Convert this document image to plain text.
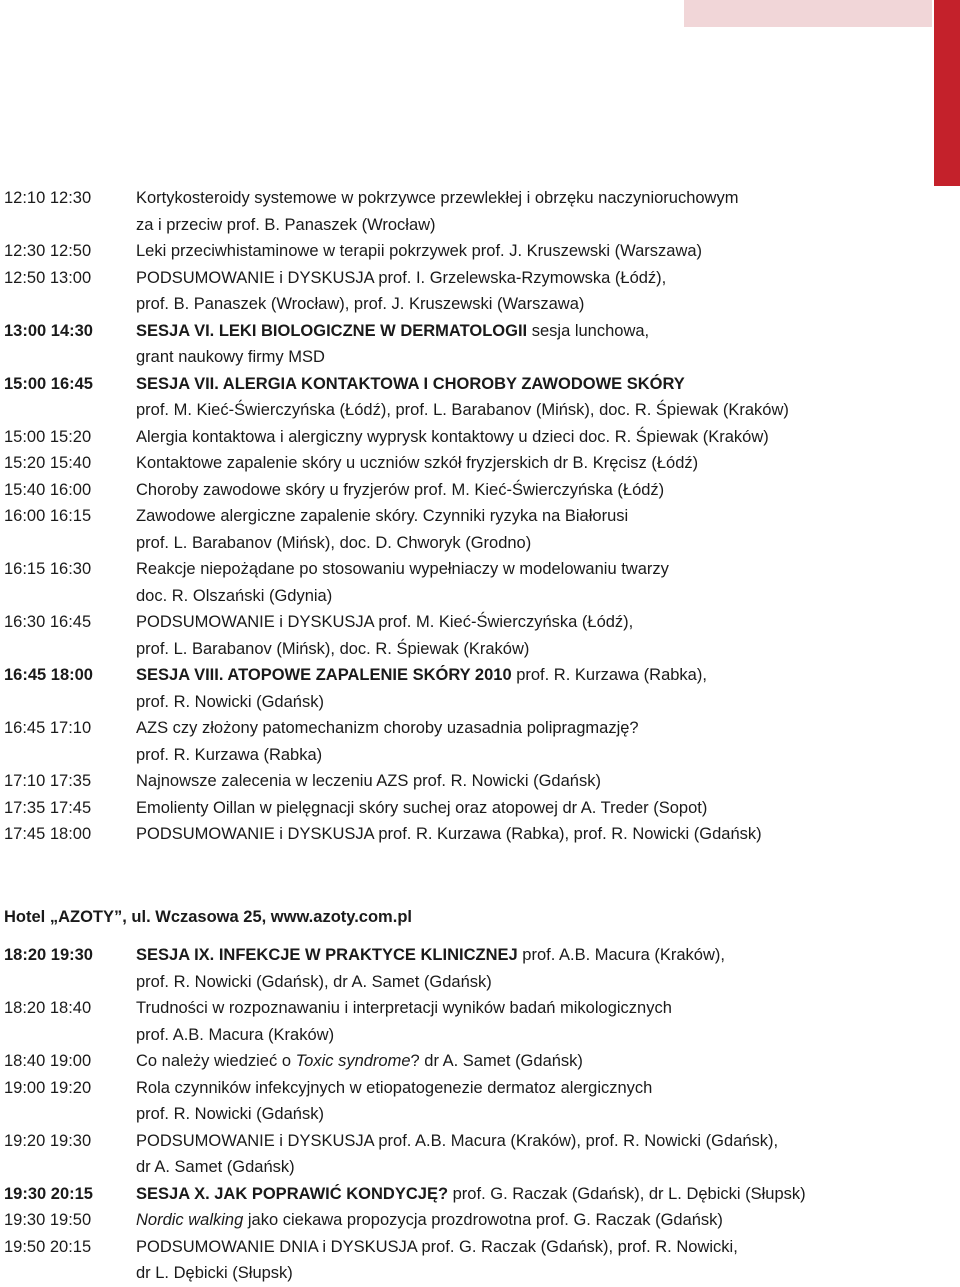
12:10 12:30	Kortykosteroidy systemowe w pokrzywce przewlekłej i obrzęku naczynioruchowym
za i przeciw prof. B. Panaszek (Wrocław)
12:30 12:50	Leki przeciwhistaminowe w terapii pokrzywek prof. J. Kruszewski (Warszawa)
12:50 13:00	PODSUMOWANIE i DYSKUSJA prof. I. Grzelewska-Rzymowska (Łódź),
prof. B. Panaszek (Wrocław), prof. J. Kruszewski (Warszawa)
13:00 14:30	SESJA VI. LEKI BIOLOGICZNE W DERMATOLOGII sesja lunchowa,
grant naukowy firmy MSD
15:00 16:45	SESJA VII. ALERGIA KONTAKTOWA I CHOROBY ZAWODOWE SKÓRY
prof. M. Kieć-Świerczyńska (Łódź), prof. L. Barabanov (Mińsk), doc. R. Śpiewak (Kraków)
15:00 15:20	Alergia kontaktowa i alergiczny wyprysk kontaktowy u dzieci doc. R. Śpiewak (Kraków)
15:20 15:40	Kontaktowe zapalenie skóry u uczniów szkół fryzjerskich dr B. Kręcisz (Łódź)
15:40 16:00	Choroby zawodowe skóry u fryzjerów prof. M. Kieć-Świerczyńska (Łódź)
16:00 16:15	Zawodowe alergiczne zapalenie skóry. Czynniki ryzyka na Białorusi
prof. L. Barabanov (Mińsk), doc. D. Chworyk (Grodno)
16:15 16:30	Reakcje niepożądane po stosowaniu wypełniaczy w modelowaniu twarzy
doc. R. Olszański (Gdynia)
16:30 16:45	PODSUMOWANIE i DYSKUSJA prof. M. Kieć-Świerczyńska (Łódź),
prof. L. Barabanov (Mińsk), doc. R. Śpiewak (Kraków)
16:45 18:00	SESJA VIII. ATOPOWE ZAPALENIE SKÓRY 2010 prof. R. Kurzawa (Rabka),
prof. R. Nowicki (Gdańsk)
16:45 17:10	AZS czy złożony patomechanizm choroby uzasadnia polipragmazję?
prof. R. Kurzawa (Rabka)
17:10 17:35	Najnowsze zalecenia w leczeniu AZS prof. R. Nowicki (Gdańsk)
17:35 17:45	Emolienty Oillan w pielęgnacji skóry suchej oraz atopowej dr A. Treder (Sopot)
17:45 18:00	PODSUMOWANIE i DYSKUSJA prof. R. Kurzawa (Rabka), prof. R. Nowicki (Gdańsk)
Hotel „AZOTY”, ul. Wczasowa 25, www.azoty.com.pl
18:20 19:30	SESJA IX. INFEKCJE W PRAKTYCE KLINICZNEJ prof. A.B. Macura (Kraków),
prof. R. Nowicki (Gdańsk), dr A. Samet (Gdańsk)
18:20 18:40	Trudności w rozpoznawaniu i interpretacji wyników badań mikologicznych
prof. A.B. Macura (Kraków)
18:40 19:00	Co należy wiedzieć o Toxic syndrome? dr A. Samet (Gdańsk)
19:00 19:20	Rola czynników infekcyjnych w etiopatogenezie dermatoz alergicznych
prof. R. Nowicki (Gdańsk)
19:20 19:30	PODSUMOWANIE i DYSKUSJA prof. A.B. Macura (Kraków), prof. R. Nowicki (Gdańsk),
dr A. Samet (Gdańsk)
19:30 20:15	SESJA X. JAK POPRAWIĆ KONDYCJĘ? prof. G. Raczak (Gdańsk), dr L. Dębicki (Słupsk)
19:30 19:50	Nordic walking jako ciekawa propozycja prozdrowotna prof. G. Raczak (Gdańsk)
19:50 20:15	PODSUMOWANIE DNIA i DYSKUSJA prof. G. Raczak (Gdańsk), prof. R. Nowicki,
dr L. Dębicki (Słupsk)
